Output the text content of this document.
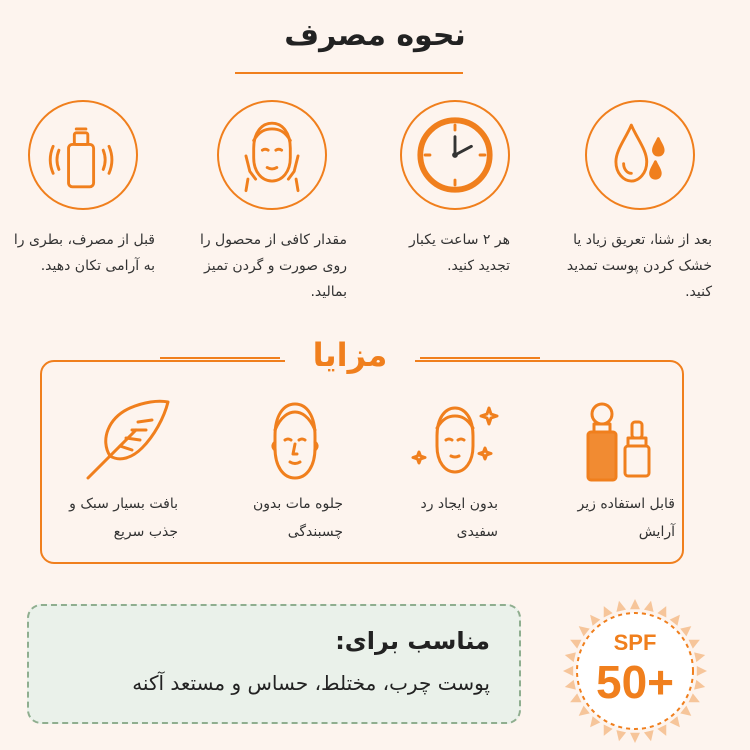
نحوه مصرف
بعد از شنا، تعریق زیاد یا خشک کردن پوست تمدید کنید.
هر ۲ ساعت یکبار تجدید کنید.
مقدار کافی از محصول را روی صورت و گردن تمیز بمالید.
قبل از مصرف، بطری را به آرامی تکان دهید.
مزایا
قابل استفاده زیر آرایش
بدون ایجاد رد سفیدی
جلوه مات بدون چسبندگی
بافت بسیار سبک و جذب سریع
مناسب برای:
پوست چرب، مختلط، حساس و مستعد آکنه
SPF
50+
